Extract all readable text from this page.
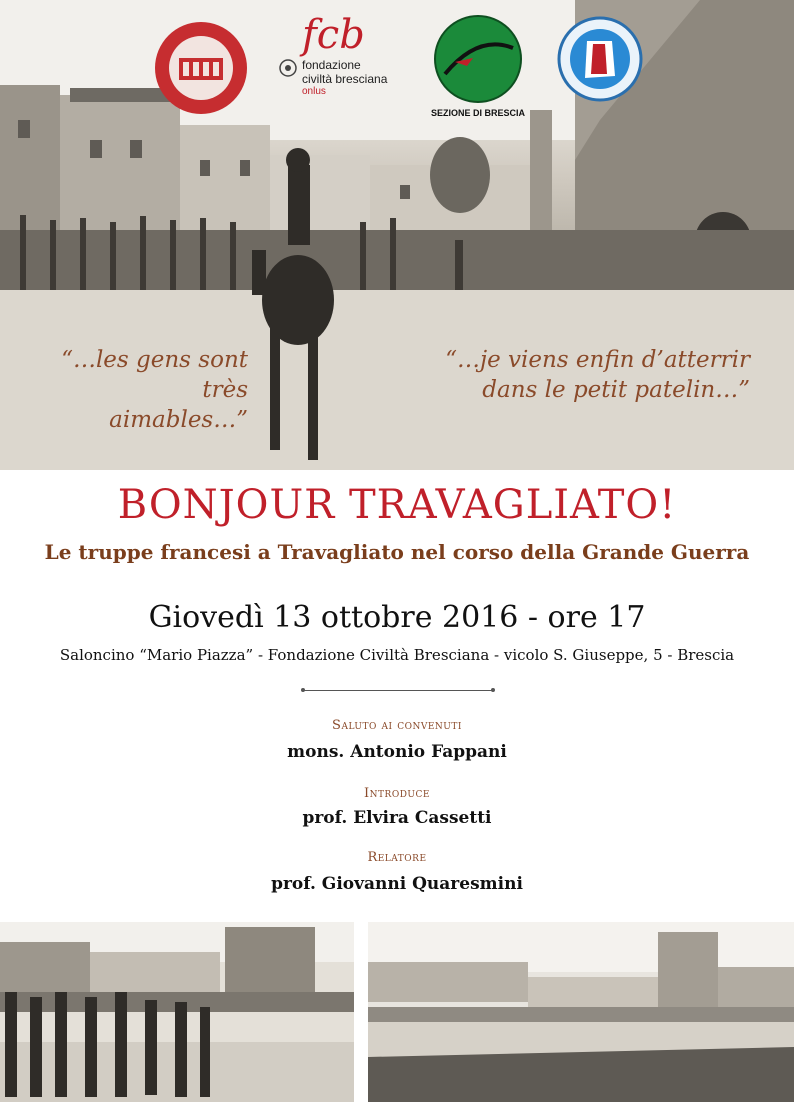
fcb
fondazione
civiltà bresciana
onlus
SEZIONE DI BRESCIA
“…les gens sont
très aimables…”
“…je viens enfin d’atterrir
dans le petit patelin…”
BONJOUR TRAVAGLIATO!
Le truppe francesi a Travagliato nel corso della Grande Guerra
Giovedì 13 ottobre 2016 - ore 17
Saloncino “Mario Piazza” - Fondazione Civiltà Bresciana - vicolo S. Giuseppe, 5 - Brescia
Saluto ai convenuti
mons. Antonio Fappani
Introduce
prof. Elvira Cassetti
Relatore
prof. Giovanni Quaresmini
